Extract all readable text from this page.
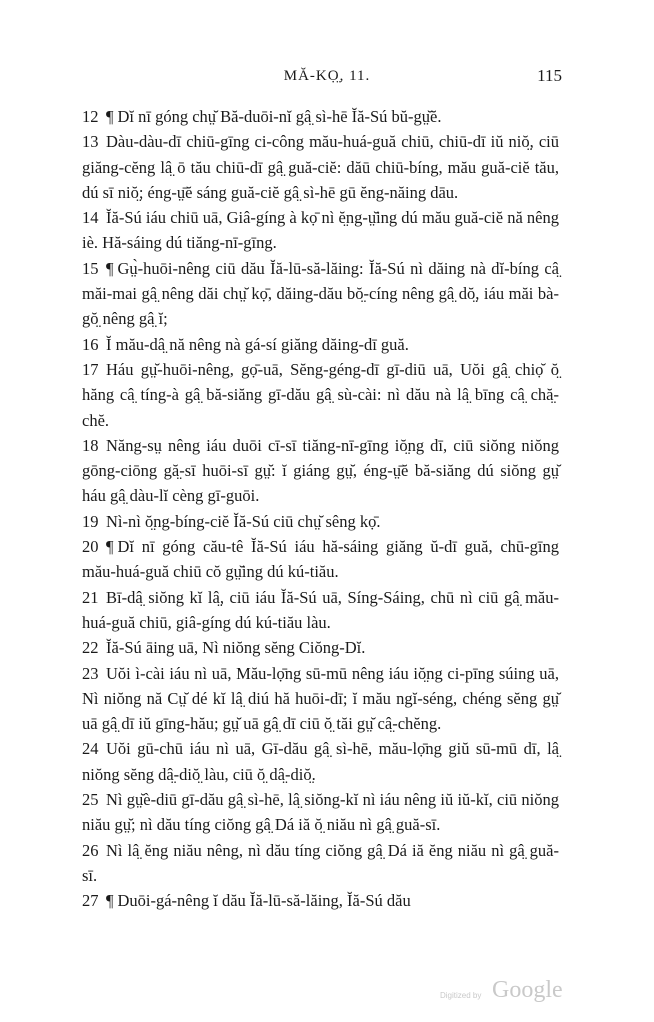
MĂ-KỌ̤, 11.	115

12 ¶ Dĭ nī góng chṳ̆ Bă-duōi-nĭ gâ̤ sì-hē Ĭă-Sú bŭ-gṳ̆ĕ.

13 Dàu-dàu-dī chiū-gīng ci-công mău-huá-guă chiū, chiū-dī iŭ niŏ̤, ciū giăng-cĕng lâ̤ ō tău chiū-dī gâ̤ guă-ciĕ: dăū chiū-bíng, mău guă-ciĕ tău, dú sī niŏ̤; éng-ṳ̄ĕ sáng guă-ciĕ gâ̤ sì-hē gū ĕng-năing dāu.

14 Ĭă-Sú iáu chiū uā, Giâ-gíng à kọ̄ nì ĕ̤ng-ṳ̆ing dú mău guă-ciĕ nă nêng iè. Hă-sáing dú tiăng-nī-gīng.

15 ¶ Gṳ̀-huōi-nêng ciū dău Ĭă-lū-să-lăing: Ĭă-Sú nì dăing nà dĭ-bíng câ̤ măi-mai gâ̤ nêng dăi chṳ̆ kọ̄, dăing-dău bŏ̤-cíng nêng gâ̤ dŏ̤, iáu măi bà-gŏ̤ nêng gâ̤ ĭ;

16 Ĭ mău-dâ̤ nă nêng nà gá-sí giăng dăing-dī guă.

17 Háu gṳ̆-huōi-nêng, gọ̄-uā, Sĕng-géng-dī gī-diū uā, Uŏi gâ̤ chiọ̆ ŏ̤ hăng câ̤ tíng-à gâ̤ bă-siăng gī-dău gâ̤ sù-cài: nì dău nà lâ̤ bīng câ̤ chă̤-chĕ.

18 Năng-sṳ nêng iáu duōi cī-sī tiăng-nī-gīng iŏ̤ng dī, ciū siŏng niŏng gōng-ciōng gă̤-sī huōi-sī gṳ̆: ĭ giáng gṳ̆, éng-ṳ̄ĕ bă-siăng dú siŏng gṳ̆ háu gâ̤ dàu-lĭ cèng gī-guōi.

19 Nì-nì ŏ̤ng-bíng-ciĕ Ĭă-Sú ciū chṳ̆ sêng kọ̄.

20 ¶ Dĭ nī góng cău-tê Ĭă-Sú iáu hă-sáing giăng ŭ-dī guă, chū-gīng mău-huá-guă chiū cŏ gṳ̆ing dú kú-tiău.

21 Bī-dâ̤ siŏng kĭ lâ̤, ciū iáu Ĭă-Sú uā, Síng-Sáing, chū nì ciū gâ̤ mău-huá-guă chiū, giâ-gíng dú kú-tiău làu.

22 Ĭă-Sú āing uā, Nì niŏng sĕng Ciŏng-Dĭ.

23 Uŏi ì-cài iáu nì uā, Mău-lọ̄ng sū-mū nêng iáu iŏ̤ng ci-pīng súing uā, Nì niŏng nă Cṳ̆ dé kĭ lâ̤ diú hă huōi-dī; ĭ mău ngĭ-séng, chéng sĕng gṳ̆ uā gâ̤ dī iŭ gīng-hău; gṳ̆ uā gâ̤ dī ciū ŏ̤ tăi gṳ̆ câ̤-chĕng.

24 Uŏi gū-chū iáu nì uā, Gī-dău gâ̤ sì-hē, mău-lọ̄ng giŭ sū-mū dī, lâ̤ niŏng sĕng dâ̤-diŏ̤ làu, ciū ŏ̤ dâ̤-diŏ̤.

25 Nì gṳ̆è-diū gī-dău gâ̤ sì-hē, lâ̤ siŏng-kĭ nì iáu nêng iŭ iŭ-kĭ, ciū niŏng niău gṳ̆; nì dău tíng ciŏng gâ̤ Dá iă ŏ̤ niău nì gâ̤ guă-sī.

26 Nì lâ̤ ĕng niău nêng, nì dău tíng ciŏng gâ̤ Dá iă ĕng niău nì gâ̤ guă-sī.

27 ¶ Duōi-gá-nêng ĭ dău Ĭă-lū-să-lăing, Ĭă-Sú dău

Digitized by Google
